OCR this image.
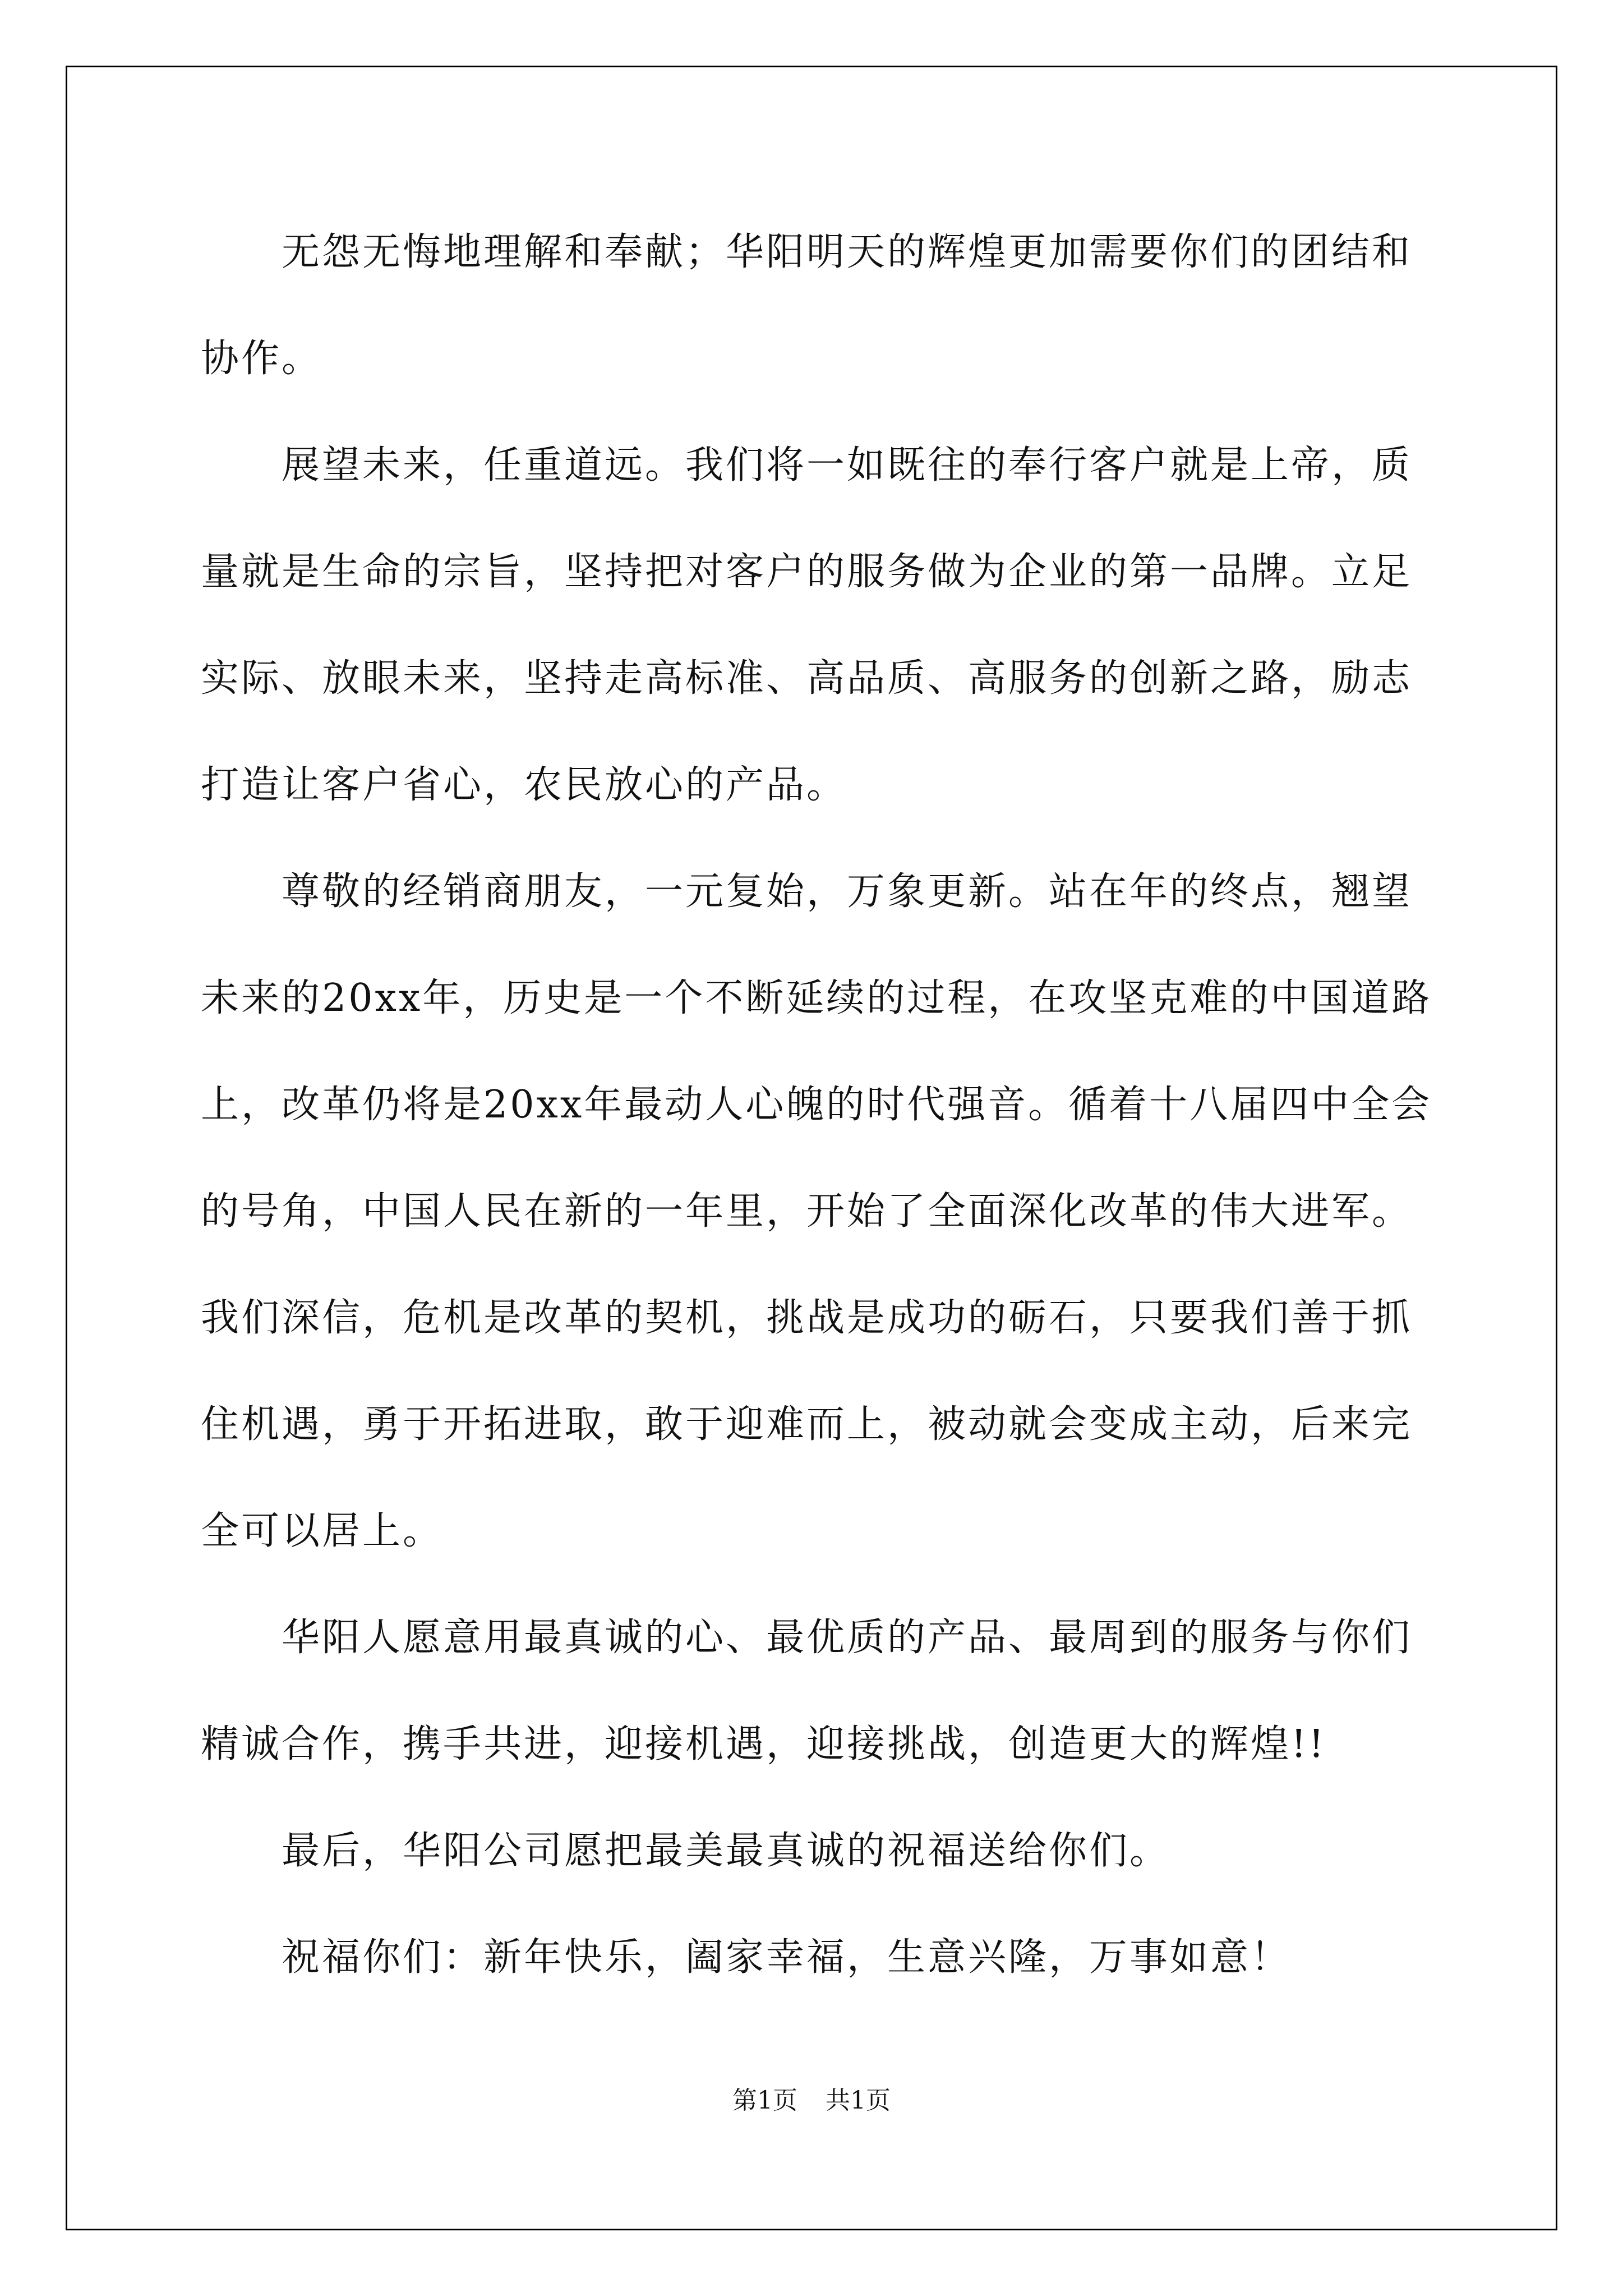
无怨无悔地理解和奉献；华阳明天的辉煌更加需要你们的团结和
协作。
展望未来，任重道远。我们将一如既往的奉行客户就是上帝，质
量就是生命的宗旨，坚持把对客户的服务做为企业的第一品牌。立足
实际、放眼未来，坚持走高标准、高品质、高服务的创新之路，励志
打造让客户省心，农民放心的产品。
尊敬的经销商朋友，一元复始，万象更新。站在年的终点，翘望
未来的20xx年，历史是一个不断延续的过程，在攻坚克难的中国道路
上，改革仍将是20xx年最动人心魄的时代强音。循着十八届四中全会
的号角，中国人民在新的一年里，开始了全面深化改革的伟大进军。
我们深信，危机是改革的契机，挑战是成功的砺石，只要我们善于抓
住机遇，勇于开拓进取，敢于迎难而上，被动就会变成主动，后来完
全可以居上。
华阳人愿意用最真诚的心、最优质的产品、最周到的服务与你们
精诚合作，携手共进，迎接机遇，迎接挑战，创造更大的辉煌!!
最后，华阳公司愿把最美最真诚的祝福送给你们。
祝福你们：新年快乐，阖家幸福，生意兴隆，万事如意！
第1页 共1页
